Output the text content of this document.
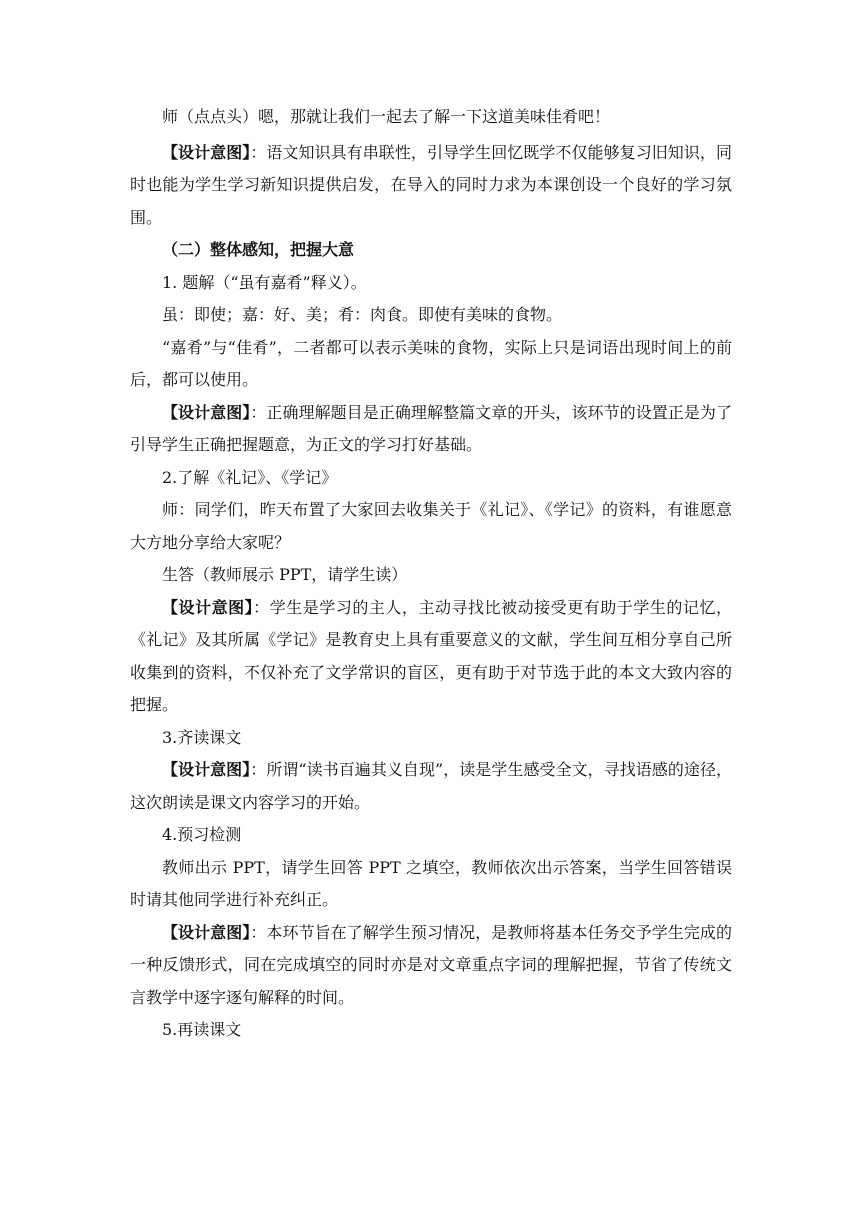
师（点点头）嗯，那就让我们一起去了解一下这道美味佳肴吧！

【设计意图】：语文知识具有串联性，引导学生回忆既学不仅能够复习旧知识，同时也能为学生学习新知识提供启发，在导入的同时力求为本课创设一个良好的学习氛围。

（二）整体感知，把握大意

1. 题解（“虽有嘉肴”释义）。

虽：即使；嘉：好、美；肴：肉食。即使有美味的食物。

“嘉肴”与“佳肴”，二者都可以表示美味的食物，实际上只是词语出现时间上的前后，都可以使用。

【设计意图】：正确理解题目是正确理解整篇文章的开头，该环节的设置正是为了引导学生正确把握题意，为正文的学习打好基础。

2.了解《礼记》、《学记》

师：同学们，昨天布置了大家回去收集关于《礼记》、《学记》的资料，有谁愿意大方地分享给大家呢？

生答（教师展示 PPT，请学生读）

【设计意图】：学生是学习的主人，主动寻找比被动接受更有助于学生的记忆，《礼记》及其所属《学记》是教育史上具有重要意义的文献，学生间互相分享自己所收集到的资料，不仅补充了文学常识的盲区，更有助于对节选于此的本文大致内容的把握。

3.齐读课文

【设计意图】：所谓“读书百遍其义自现”，读是学生感受全文，寻找语感的途径，这次朗读是课文内容学习的开始。

4.预习检测

教师出示 PPT，请学生回答 PPT 之填空，教师依次出示答案，当学生回答错误时请其他同学进行补充纠正。

【设计意图】：本环节旨在了解学生预习情况，是教师将基本任务交予学生完成的一种反馈形式，同在完成填空的同时亦是对文章重点字词的理解把握，节省了传统文言教学中逐字逐句解释的时间。

5.再读课文
